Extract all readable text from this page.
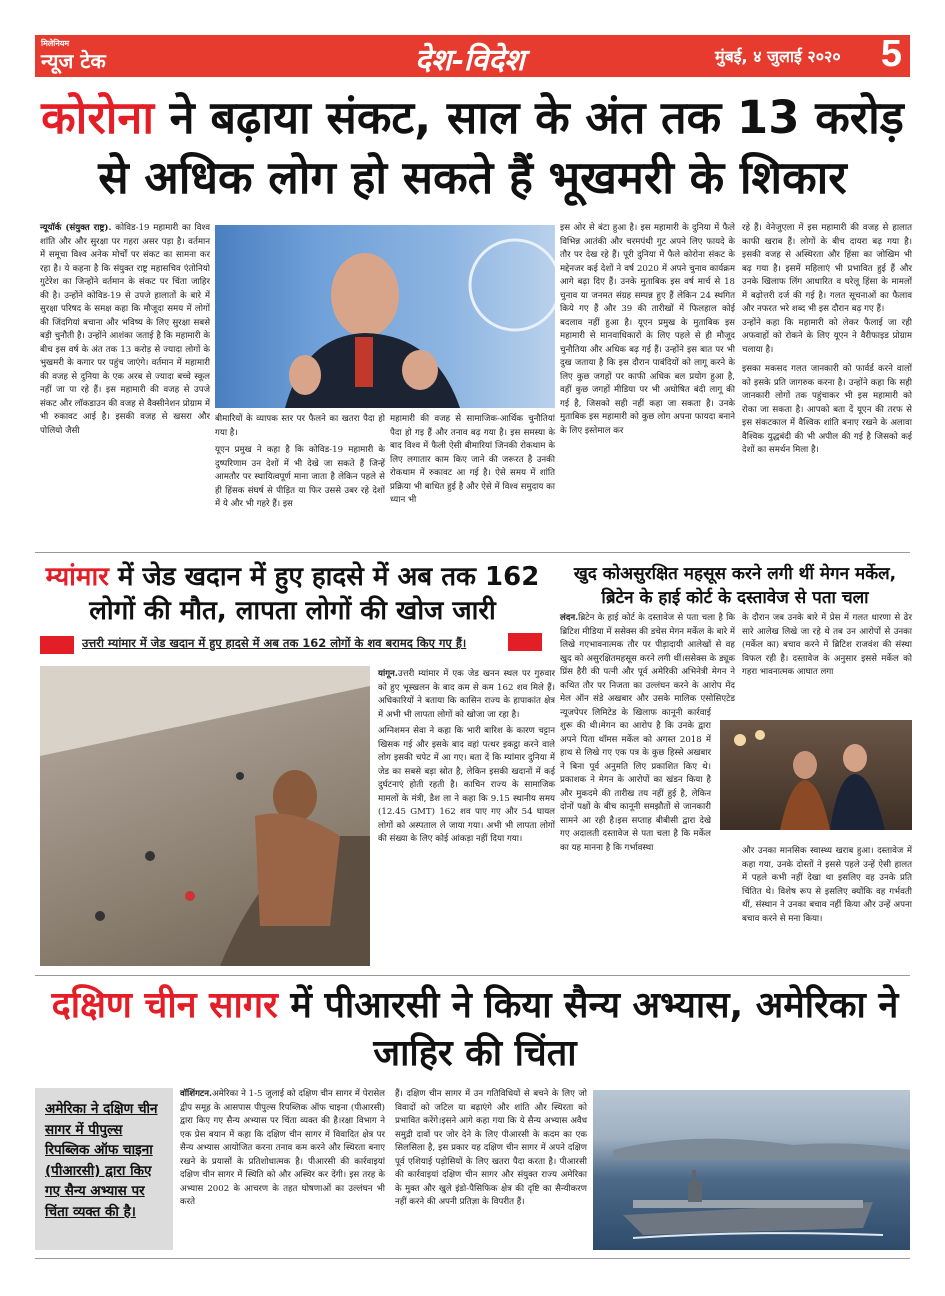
मिलेनियम
न्यूज टेक	देश-विदेश	मुंबई, ४ जुलाई २०२० 5
कोरोना ने बढ़ाया संकट, साल के अंत तक 13 करोड़ से अधिक लोग हो सकते हैं भूखमरी के शिकार
न्यूयॉर्क (संयुक्त राष्ट्र). कोविड-19 महामारी का विश्व शांति और और सुरक्षा पर गहरा असर पड़ा है। वर्तमान में समूचा विश्व अनेक मोर्चों पर संकट का सामना कर रहा है। ये कहना है कि संयुक्त राष्ट्र महासचिव एंतोनियो गुटेरेश का जिन्होंने वर्तमान के संकट पर चिंता जाहिर की है। उन्होंने कोविड-19 से उपजे हालातों के बारे में सुरक्षा परिषद के समक्ष कहा कि मौजूदा समय में लोगों की जिंदगियां बचाना और भविष्य के लिए सुरक्षा सबसे बड़ी चुनौती है। उन्होंने आशंका जताई है कि महामारी के बीच इस वर्ष के अंत तक 13 करोड़ से ज्यादा लोगों के भुखमरी के कगार पर पहुंच जाएंगे। वर्तमान में महामारी की वजह से दुनिया के एक अरब से ज्यादा बच्चे स्कूल नहीं जा पा रहे हैं। इस महामारी की वजह से उपजे संकट और लॉकडाउन की वजह से वैक्सीनेशन प्रोग्राम में भी रुकावट आई है। इसकी वजह से खसरा और पोलियो जैसी

बीमारियों के व्यापक स्तर पर फैलने का खतरा पैदा हो गया है।

यूएन प्रमुख ने कहा है कि कोविड-19 महामारी के दुष्परिणाम उन देशों में भी देखे जा सकते हैं जिन्हें आमतौर पर स्थायित्वपूर्ण माना जाता है लेकिन पहले से ही हिंसक संघर्ष से पीड़ित या फिर उससे उबर रहे देशों में ये और भी गहरे हैं। इस

महामारी की वजह से सामाजिक-आर्थिक चुनौतियां पैदा हो गइ हैं और तनाव बढ़ गया है। इस समस्या के बाद विश्व में फैली ऐसी बीमारियां जिनकी रोकथाम के लिए लगातार काम किए जाने की जरूरत है उनकी रोकथाम में रुकावट आ गई है। ऐसे समय में शांति प्रक्रिया भी बाधित हुई है और ऐसे में विश्व समुदाय का ध्यान भी
इस ओर से बंटा हुआ है। इस महामारी के दुनिया में फैले विभिन्न आतंकी और चरमपंथी गुट अपने लिए फायदे के तौर पर देख रहे हैं। पूरी दुनिया में फैले कोरोना संकट के मद्देनजर कई देशों ने वर्ष 2020 में अपने चुनाव कार्यक्रम आगे बढ़ा दिए हैं। उनके मुताबिक इस वर्ष मार्च से 18 चुनाव या जनमत संग्रह सम्पन्न हुए हैं लेकिन 24 स्थगित किये गए हैं और 39 की तारीखों में फिलहाल कोई बदलाव नहीं हुआ है। यूएन प्रमुख के मुताबिक इस महामारी से मानवाधिकारों के लिए पहले से ही मौजूद चुनौतिया और अधिक बढ़ गई हैं। उन्होंने इस बात पर भी दुख जताया है कि इस दौरान पाबंदियों को लागू करने के लिए कुछ जगहों पर काफी अधिक बल प्रयोग हुआ है, वहीं कुछ जगहों मीडिया पर भी अघोषित बंदी लागू की गई है, जिसको सही नहीं कहा जा सकता है। उनके मुताबिक इस महामारी को कुछ लोग अपना फायदा बनाने के लिए इस्तेमाल कर

रहे हैं। वेनेजुएला में इस महामारी की वजह से हालात काफी खराब हैं। लोगों के बीच दायरा बढ़ गया है। इसकी वजह से अस्थिरता और हिंसा का जोखिम भी बढ़ गया है। इसमें महिलाएं भी प्रभावित हुई हैं और उनके खिलाफ लिंग आधारित व घरेलू हिंसा के मामलों में बढ़ोत्तरी दर्ज की गई है। गलत सूचनाओं का फैलाव और नफरत भरे शब्द भी इस दौरान बढ़ गए हैं।

उन्होंने कहा कि महामारी को लेकर फैलाई जा रही अफवाहों को रोकने के लिए यूएन ने वैरीफाइड प्रोग्राम चलाया है।

इसका मकसद गलत जानकारी को फार्वर्ड करने वालों को इसके प्रति जागरुक करना है। उन्होंने कहा कि सही जानकारी लोगों तक पहुंचाकर भी इस महामारी को रोका जा सकता है। आपको बता दें यूएन की तरफ से इस संकटकाल में वैश्विक शांति बनाए रखने के अलावा वैश्विक युद्धबंदी की भी अपील की गई है जिसको कई देशों का समर्थन मिला है।

म्यांमार में जेड खदान में हुए हादसे में अब तक 162 लोगों की मौत, लापता लोगों की खोज जारी
उत्तरी म्यांमार में जेड खदान में हुए हादसे में अब तक 162 लोगों के शव बरामद किए गए हैं।

यांगून.उत्तरी म्यांमार में एक जेड खनन स्थल पर गुरुवार को हुए भूस्खलन के बाद कम से कम 162 शव मिले हैं। अधिकारियों ने बताया कि कासिन राज्य के हापाकांत क्षेत्र में अभी भी लापता लोगों को खोजा जा रहा है।

अग्निशमन सेवा ने कहा कि भारी बारिश के कारण चट्टान खिसक गई और इसके बाद वहां पत्थर इकट्ठा करने वाले लोग इसकी चपेट में आ गए। बता दें कि म्यांमार दुनिया में जेड का सबसे बड़ा स्रोत है, लेकिन इसकी खदानों में कई दुर्घटनाएं होती रहती है। काचिन राज्य के सामाजिक मामलों के मंत्री, डैश ला ने कहा कि 9.15 स्थानीय समय (12.45 GMT) 162 शव पाए गए और 54 घायल लोगों को अस्पताल ले जाया गया। अभी भी लापता लोगों की संख्या के लिए कोई आंकड़ा नहीं दिया गया।

खुद कोअसुरक्षित महसूस करने लगी थीं मेगन मर्केल, ब्रिटेन के हाई कोर्ट के दस्तावेज से पता चला
लंदन.ब्रिटेन के हाई कोर्ट के दस्तावेज से पता चला है कि ब्रिटिश मीडिया में ससेक्स की डचेस मेगन मर्केल के बारे में लिखे गएभावनात्मक तौर पर पीड़ादायी आलेखों से वह खुद को असुरक्षितमहसूस करने लगी थीं।ससेक्स के ड्यूक प्रिंस हैरी की पत्नी और पूर्व अमेरिकी अभिनेत्री मेगन ने कथित तौर पर निजता का उल्लंघन करने के आरोप मेंद मेल ऑन संडे अखबार और उसके मालिक एसोसिएटेड न्यूजपेपर लिमिटेड के खिलाफ कानूनी कार्रवाई शुरू की थी।मेगन का आरोप है कि उनके द्वारा अपने पिता थॉमस मर्केल को अगस्त 2018 में हाथ से लिखे गए एक पत्र के कुछ हिस्से अखबार ने बिना पूर्व अनुमति लिए प्रकाशित किए थे। प्रकाशक ने मेगन के आरोपों का खंडन किया है और मुकदमे की तारीख तय नहीं हुई है, लेकिन दोनों पक्षों के बीच कानूनी समझौतों से जानकारी सामने आ रही है।इस सप्ताह बीबीसी द्वारा देखे गए अदालती दस्तावेज से पता चला है कि मर्केल का यह मानना है कि गर्भावस्था
के दौरान जब उनके बारे में प्रेस में गलत धारणा से ढेर सारे आलेख लिखे जा रहे थे तब उन आरोपों से उनका (मर्केल का) बचाव करने में ब्रिटिश राजवंश की संस्था विफल रही है। दस्तावेज के अनुसार इससे मर्केल को गहरा भावनात्मक आघात लगा
और उनका मानसिक स्वास्थ्य खराब हुआ। दस्तावेज में कहा गया, उनके दोस्तों ने इससे पहले उन्हें ऐसी हालत में पहले कभी नहीं देखा था इसलिए वह उनके प्रति चिंतित थे। विशेष रूप से इसलिए क्योंकि वह गर्भवती थीं, संस्थान ने उनका बचाव नहीं किया और उन्हें अपना बचाव करने से मना किया।
दक्षिण चीन सागर में पीआरसी ने किया सैन्य अभ्यास, अमेरिका ने जाहिर की चिंता
अमेरिका ने दक्षिण चीन सागर में पीपुल्स रिपब्लिक ऑफ चाइना (पीआरसी) द्वारा किए गए सैन्य अभ्यास पर चिंता व्यक्त की है।
वॉशिंगटन.अमेरिका ने 1-5 जुलाई को दक्षिण चीन सागर में पेरासेल द्वीप समूह के आसपास पीपुल्स रिपब्लिक ऑफ चाइना (पीआरसी) द्वारा किए गए सैन्य अभ्यास पर चिंता व्यक्त की है।रक्षा विभाग ने एक प्रेस बयान में कहा कि दक्षिण चीन सागर में विवादित क्षेत्र पर सैन्य अभ्यास आयोजित करना तनाव कम करने और स्थिरता बनाए रखने के प्रयासों के प्रतिशोधात्मक है। पीआरसी की कार्रवाइयां दक्षिण चीन सागर में स्थिति को और अस्थिर कर देंगी। इस तरह के अभ्यास 2002 के आचरण के तहत घोषणाओं का उल्लंघन भी करते
हैं। दक्षिण चीन सागर में उन गतिविधियों से बचने के लिए जो विवादों को जटिल या बढ़ाएंगे और शांति और स्थिरता को प्रभावित करेंगे।इसने आगे कहा गया कि ये सैन्य अभ्यास अवैध समुद्री दावों पर जोर देने के लिए पीआरसी के कदम का एक सिलसिला है, इस प्रकार यह दक्षिण चीन सागर में अपने दक्षिण पूर्व एशियाई पड़ोसियों के लिए खतरा पैदा करता है। पीआरसी की कार्रवाइयां दक्षिण चीन सागर और संयुक्त राज्य अमेरिका के मुक्त और खुले इंडो-पैसिफिक क्षेत्र की दृष्टि का सैन्यीकरण नहीं करने की अपनी प्रतिज्ञा के विपरीत हैं।
